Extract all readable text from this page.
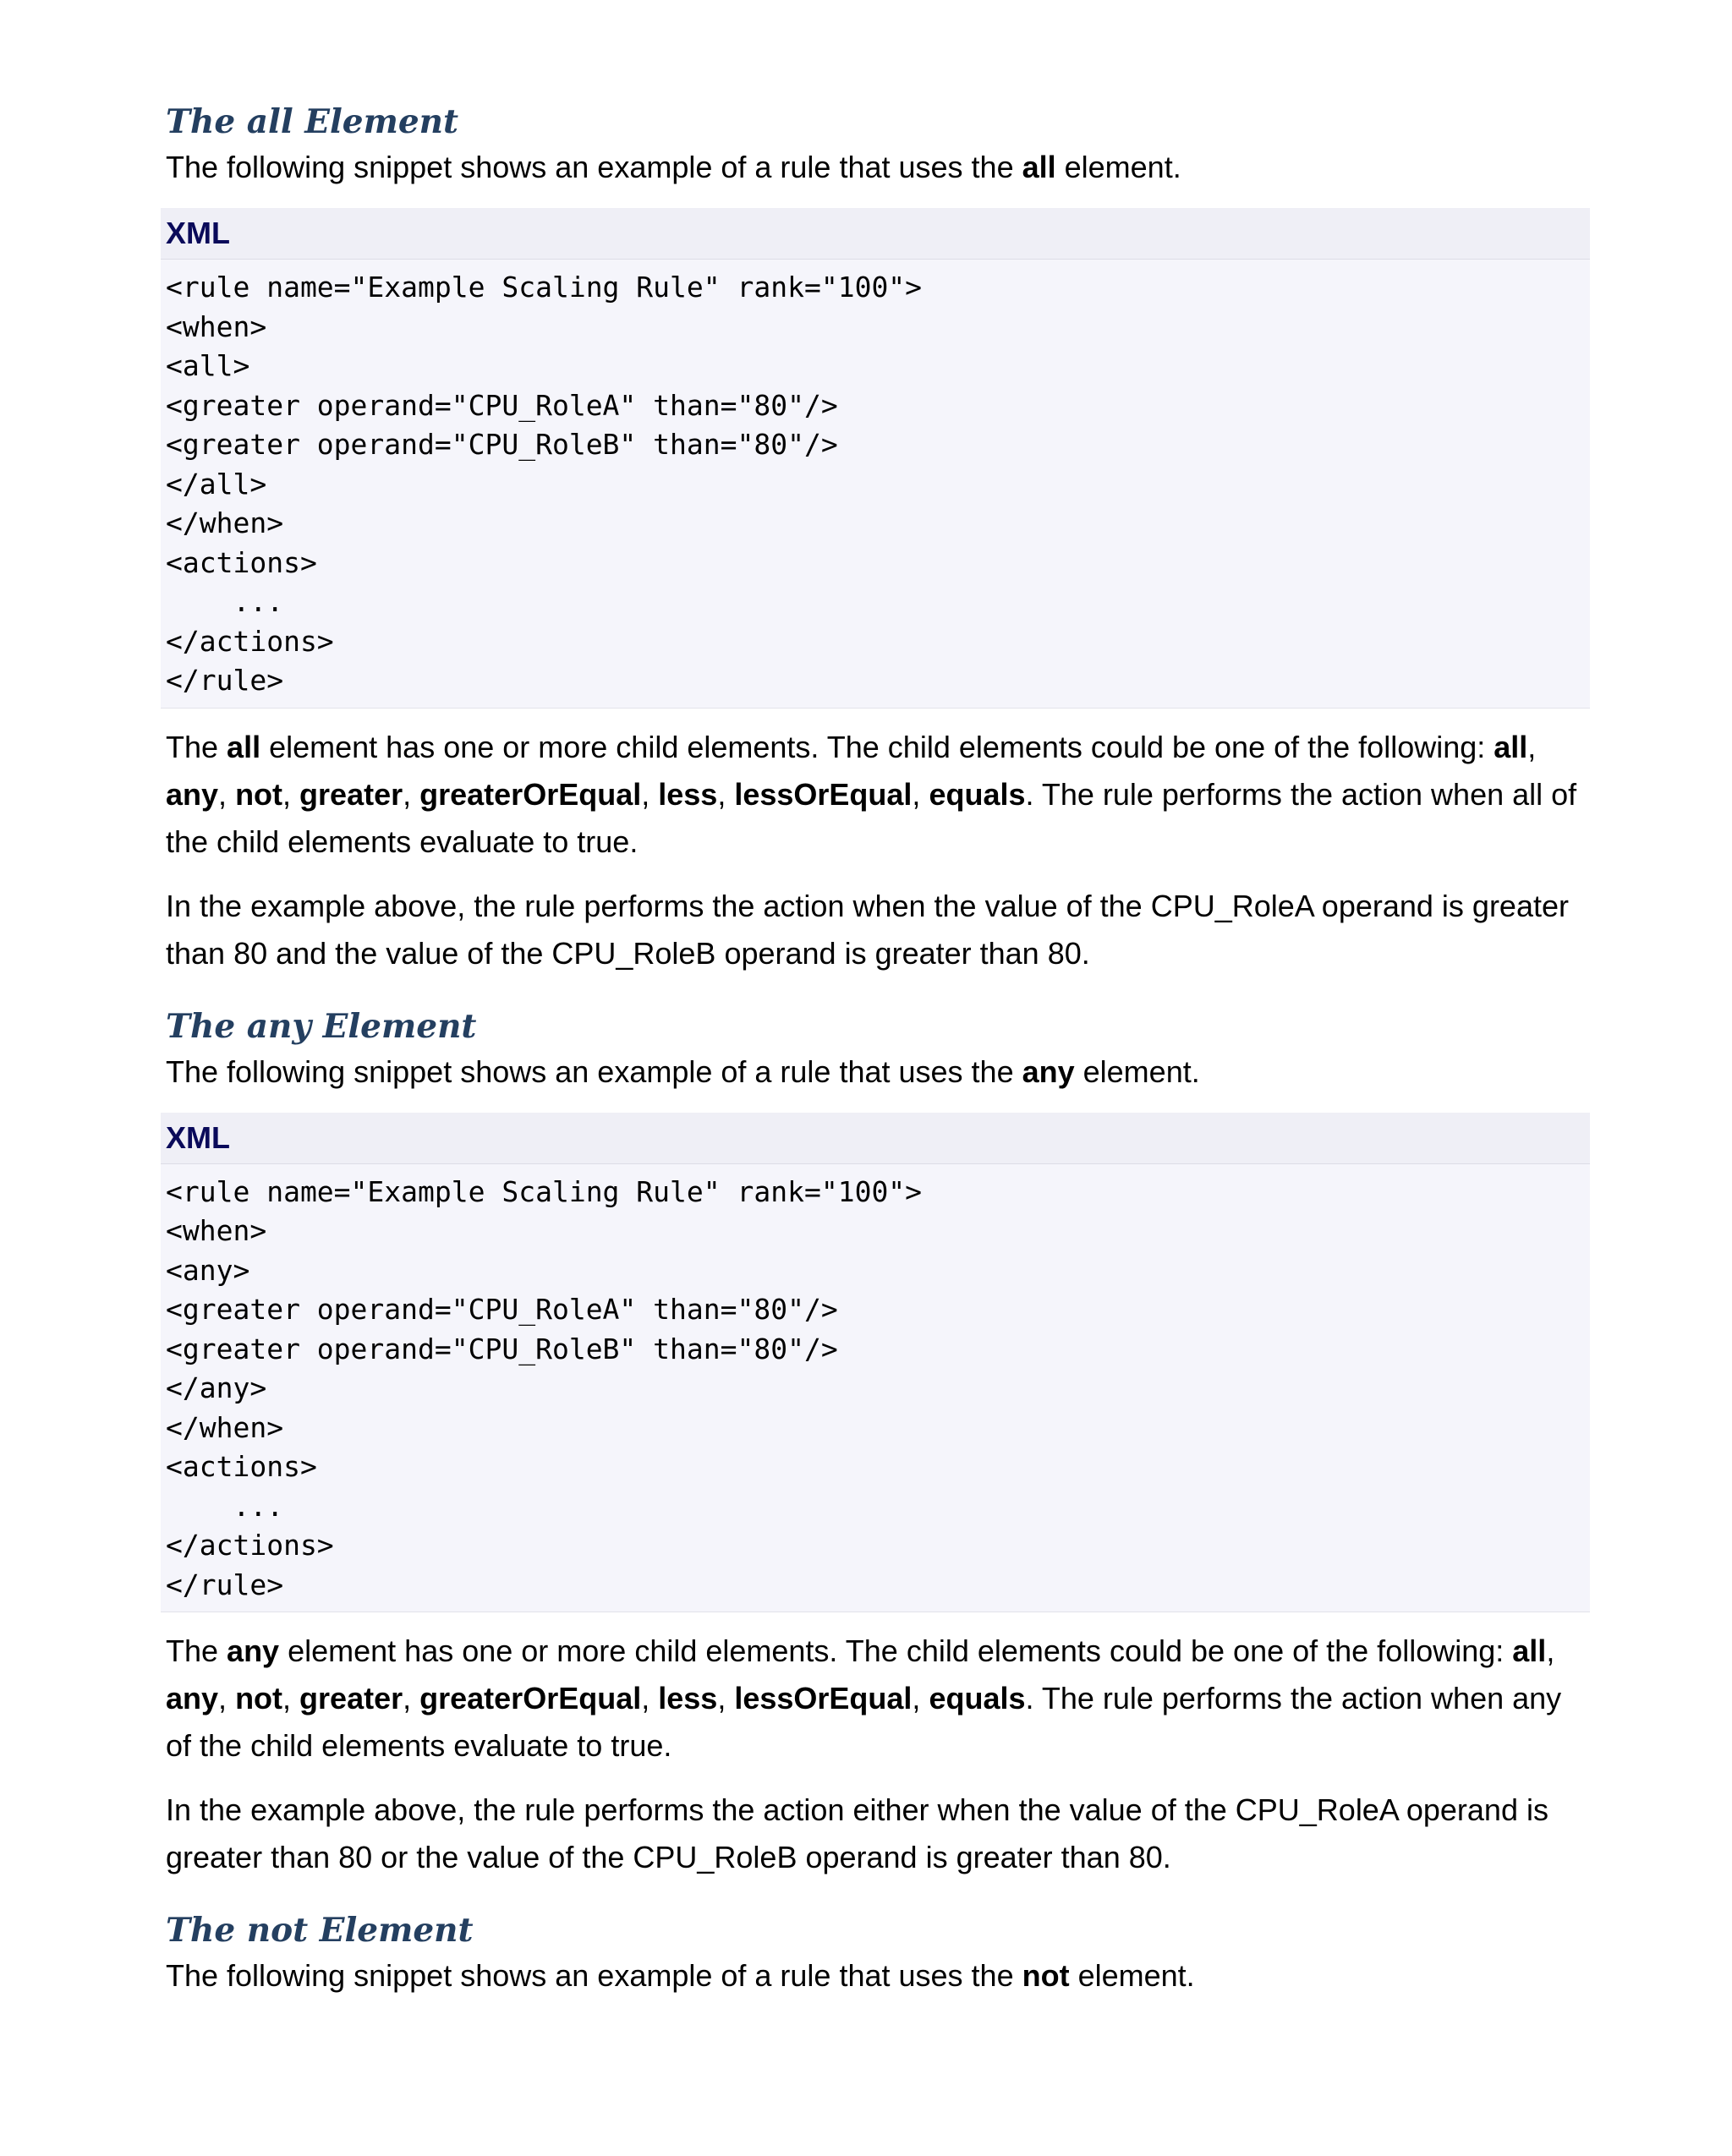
The all Element

The following snippet shows an example of a rule that uses the all element.

XML
<rule name="Example Scaling Rule" rank="100">
<when>
<all>
<greater operand="CPU_RoleA" than="80"/>
<greater operand="CPU_RoleB" than="80"/>
</all>
</when>
<actions>
...
</actions>
</rule>

The all element has one or more child elements. The child elements could be one of the following: all, any, not, greater, greaterOrEqual, less, lessOrEqual, equals. The rule performs the action when all of the child elements evaluate to true.

In the example above, the rule performs the action when the value of the CPU_RoleA operand is greater than 80 and the value of the CPU_RoleB operand is greater than 80.

The any Element

The following snippet shows an example of a rule that uses the any element.

XML
<rule name="Example Scaling Rule" rank="100">
<when>
<any>
<greater operand="CPU_RoleA" than="80"/>
<greater operand="CPU_RoleB" than="80"/>
</any>
</when>
<actions>
...
</actions>
</rule>

The any element has one or more child elements. The child elements could be one of the following: all, any, not, greater, greaterOrEqual, less, lessOrEqual, equals. The rule performs the action when any of the child elements evaluate to true.

In the example above, the rule performs the action either when the value of the CPU_RoleA operand is greater than 80 or the value of the CPU_RoleB operand is greater than 80.

The not Element

The following snippet shows an example of a rule that uses the not element.
